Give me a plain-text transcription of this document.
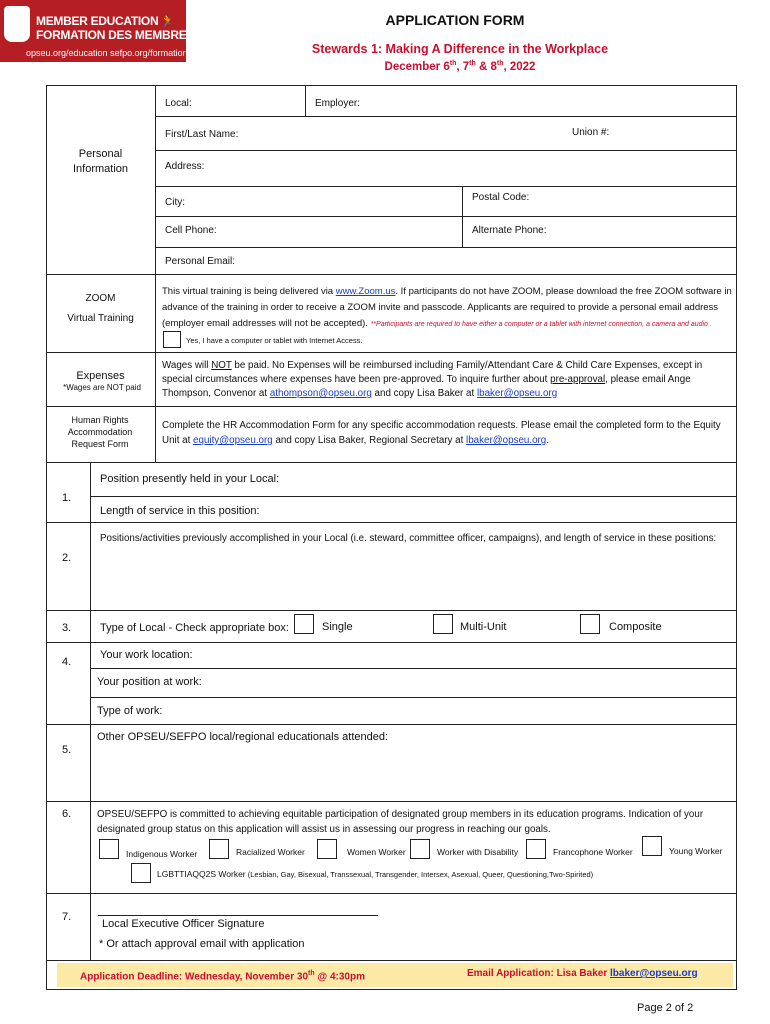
MEMBER EDUCATION
FORMATION DES MEMBRES
🏃
opseu.org/education sefpo.org/formation
APPLICATION FORM
Stewards 1: Making A Difference in the Workplace
December 6th, 7th & 8th, 2022
Local:	Employer:
First/Last Name:	Union #:
Address:
City:	Postal Code:
Cell Phone:	Alternate Phone:
Personal Email:
Personal Information
ZOOM
Virtual Training
This virtual training is being delivered via www.Zoom.us. If participants do not have ZOOM, please download the free ZOOM software in advance of the training in order to receive a ZOOM invite and passcode. Applicants are required to provide a personal email address (employer email addresses will not be accepted). **Participants are required to have either a computer or a tablet with internet connection, a camera and audio .
Yes, I have a computer or tablet with Internet Access.
Expenses
*Wages are NOT paid
Wages will NOT be paid. No Expenses will be reimbursed including Family/Attendant Care & Child Care Expenses, except in special circumstances where expenses have been pre-approved. To inquire further about pre-approval, please email Ange Thompson, Convenor at athompson@opseu.org and copy Lisa Baker at lbaker@opseu.org
Human Rights Accommodation Request Form
Complete the HR Accommodation Form for any specific accommodation requests. Please email the completed form to the Equity Unit at equity@opseu.org and copy Lisa Baker, Regional Secretary at lbaker@opseu.org.
1.
Position presently held in your Local:
Length of service in this position:
2.
Positions/activities previously accomplished in your Local (i.e. steward, committee officer, campaigns), and length of service in these positions:
3.	Type of Local - Check appropriate box:	Single	Multi-Unit	Composite
4.
Your work location:
Your position at work:
Type of work:
5.
Other OPSEU/SEFPO local/regional educationals attended:
6.	OPSEU/SEFPO is committed to achieving equitable participation of designated group members in its education programs. Indication of your designated group status on this application will assist us in assessing our progress in reaching our goals.
Indigenous Worker	Racialized Worker	Women Worker	Worker with Disability	Francophone Worker	Young Worker
LGBTTIAQQ2S Worker (Lesbian, Gay, Bisexual, Transsexual, Transgender, Intersex, Asexual, Queer, Questioning,Two-Spirited)
7.
Local Executive Officer Signature
* Or attach approval email with application
Application Deadline: Wednesday, November 30th @ 4:30pm	Email Application: Lisa Baker lbaker@opseu.org
Page 2 of 2
